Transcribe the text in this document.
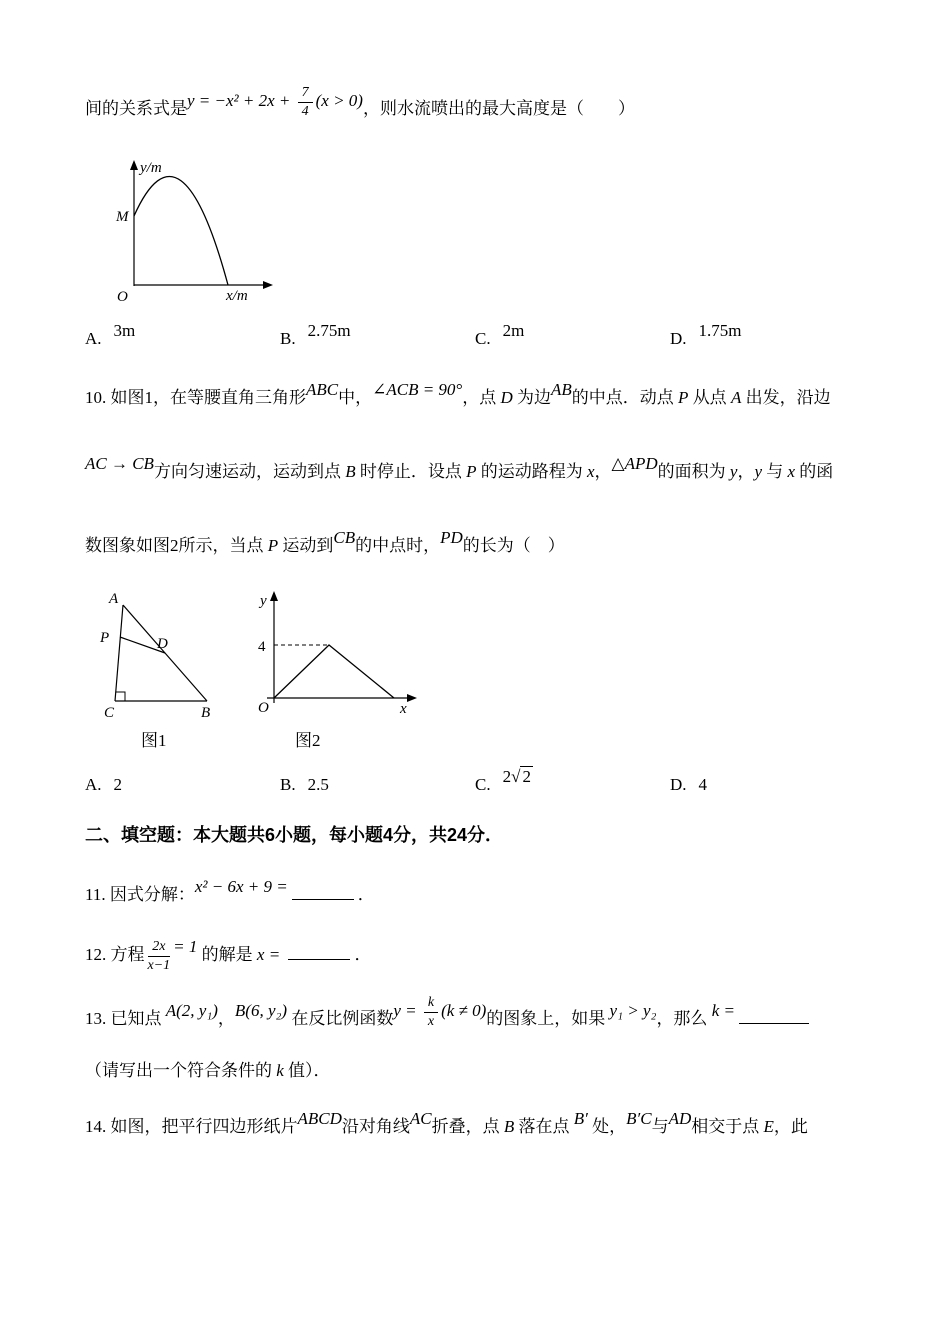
间的关系式是$y = -x^2 + 2x + \frac{7}{4} (x > 0)$，则水流喷出的最大高度是（　　）
y/m
M
O	x/m
A. 3m	B. 2.75m	C. 2m	D. 1.75m
10. 如图1，在等腰直角三角形ABC中，∠ACB = 90°，点 D 为边AB的中点．动点 P 从点 A 出发，沿边
AC → CB方向匀速运动，运动到点 B 时停止．设点 P 的运动路程为 x，△APD的面积为 y，y 与 x 的函
数图象如图2所示，当点 P 运动到CB的中点时，PD的长为（　）
A
P	D
C	B
图1
y
4
O	x
图2
A. 2	B. 2.5	C. 2√ 2	D. 4
二、填空题：本大题共6小题，每小题4分，共24分．
11. 因式分解：x² − 6x + 9 =	．
12. 方程 $\frac{2x}{x-1} = 1$ 的解是 x =	．
13. 已知点 A(2, y₁)，B(6, y₂) 在反比例函数$y = \frac{k}{x} (k \ne 0)$的图象上，如果 y₁ > y₂，那么 k =
（请写出一个符合条件的 k 值）．
14. 如图，把平行四边形纸片ABCD沿对角线AC折叠，点 B 落在点 B′ 处，B′C与AD相交于点 E，此
